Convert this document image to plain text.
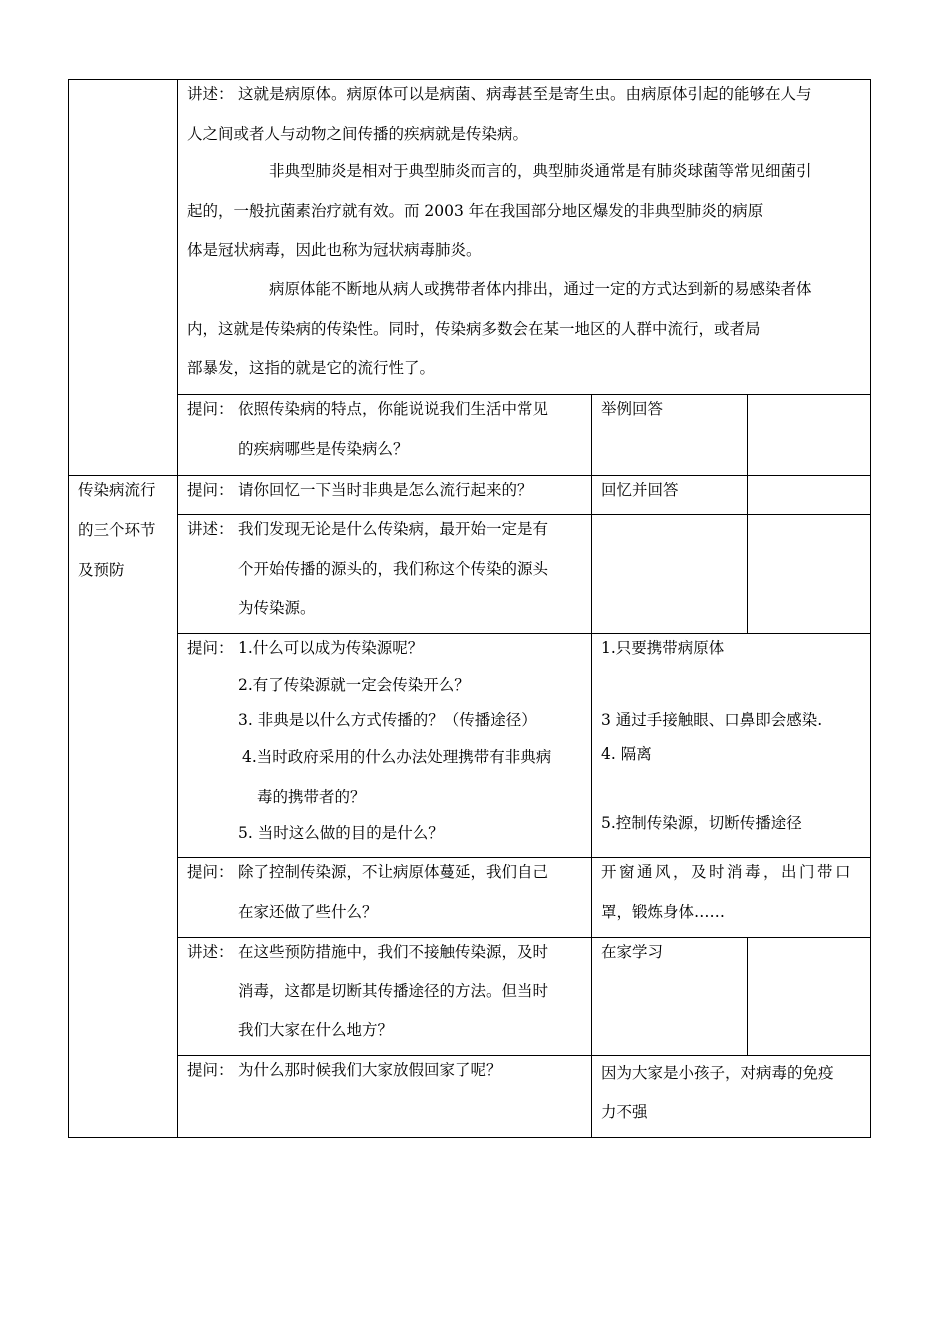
讲述： 这就是病原体。病原体可以是病菌、病毒甚至是寄生虫。由病原体引起的能够在人与
人之间或者人与动物之间传播的疾病就是传染病。
非典型肺炎是相对于典型肺炎而言的，典型肺炎通常是有肺炎球菌等常见细菌引
起的，一般抗菌素治疗就有效。而 2003 年在我国部分地区爆发的非典型肺炎的病原
体是冠状病毒，因此也称为冠状病毒肺炎。
病原体能不断地从病人或携带者体内排出，通过一定的方式达到新的易感染者体
内，这就是传染病的传染性。同时，传染病多数会在某一地区的人群中流行，或者局
部暴发，这指的就是它的流行性了。
提问： 依照传染病的特点，你能说说我们生活中常见
的疾病哪些是传染病么？
举例回答
传染病流行
的三个环节
及预防
提问： 请你回忆一下当时非典是怎么流行起来的？	回忆并回答
讲述： 我们发现无论是什么传染病，最开始一定是有
个开始传播的源头的，我们称这个传染的源头
为传染源。
提问： 1.什么可以成为传染源呢？
2.有了传染源就一定会传染开么？
3. 非典是以什么方式传播的？（传播途径）
4.当时政府采用的什么办法处理携带有非典病
毒的携带者的？
5. 当时这么做的目的是什么？
1.只要携带病原体
3 通过手接触眼、口鼻即会感染.
4. 隔离
5.控制传染源，切断传播途径
提问： 除了控制传染源，不让病原体蔓延，我们自己
在家还做了些什么？
开窗通风，及时消毒，出门带口
罩，锻炼身体……
讲述： 在这些预防措施中，我们不接触传染源，及时
消毒，这都是切断其传播途径的方法。但当时
我们大家在什么地方？
在家学习
提问： 为什么那时候我们大家放假回家了呢？	因为大家是小孩子，对病毒的免疫
力不强
